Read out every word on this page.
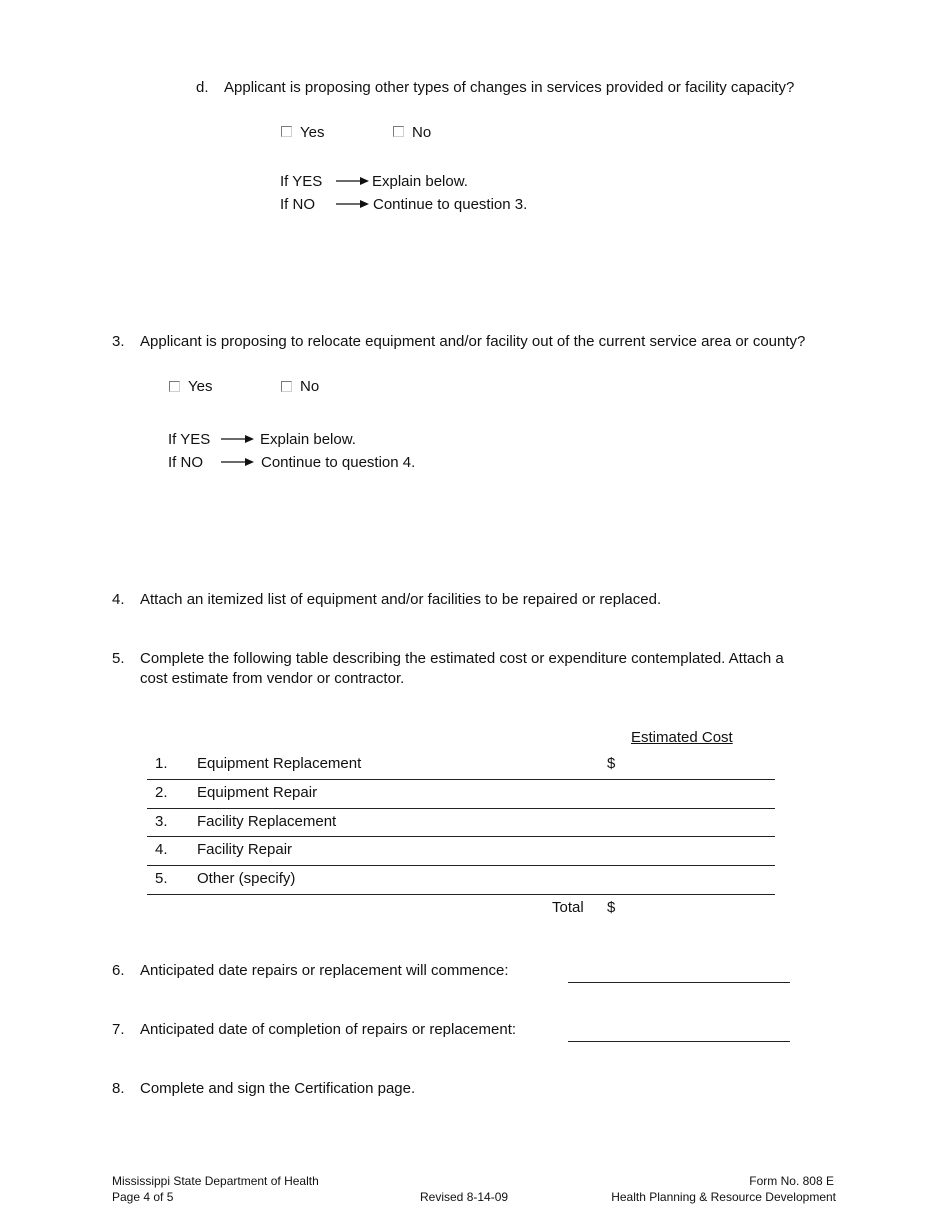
d. Applicant is proposing other types of changes in services provided or facility capacity?
Yes	No
If YES	Explain below.
If NO	Continue to question 3.
3. Applicant is proposing to relocate equipment and/or facility out of the current service area or county?
Yes	No
If YES	Explain below.
If NO	Continue to question 4.
4. Attach an itemized list of equipment and/or facilities to be repaired or replaced.
5. Complete the following table describing the estimated cost or expenditure contemplated. Attach a
cost estimate from vendor or contractor.
Estimated Cost
1. Equipment Replacement	$
2. Equipment Repair
3. Facility Replacement
4. Facility Repair
5. Other (specify)
Total $
6. Anticipated date repairs or replacement will commence:
7. Anticipated date of completion of repairs or replacement:
8. Complete and sign the Certification page.
Mississippi State Department of Health
Page 4 of 5	Revised 8-14-09
Form No. 808 E
Health Planning & Resource Development
